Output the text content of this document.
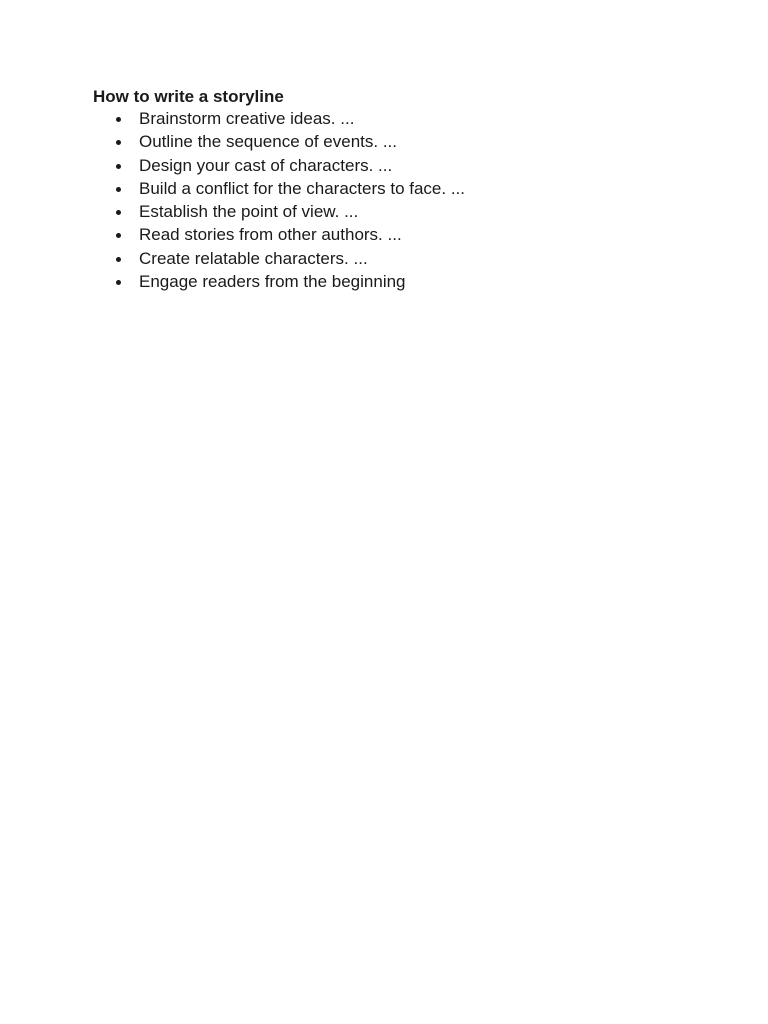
How to write a storyline
Brainstorm creative ideas. ...
Outline the sequence of events. ...
Design your cast of characters. ...
Build a conflict for the characters to face. ...
Establish the point of view. ...
Read stories from other authors. ...
Create relatable characters. ...
Engage readers from the beginning
